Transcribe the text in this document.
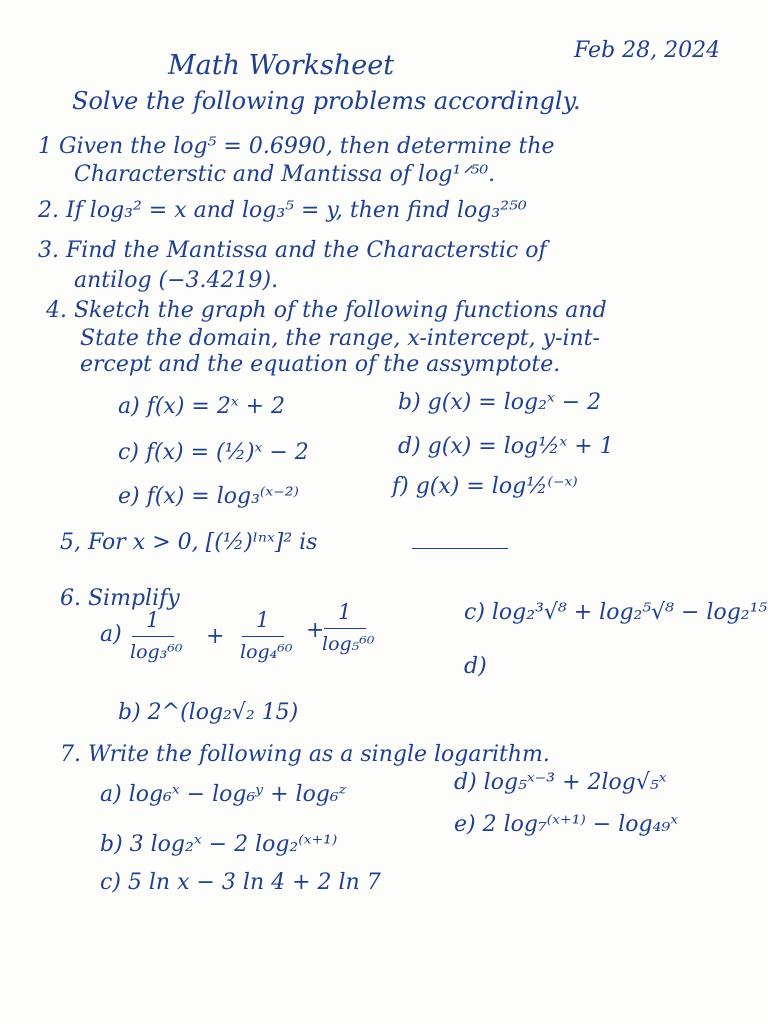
Math Worksheet	Feb 28, 2024
Solve the following problems accordingly.
1 Given the log⁵ = 0.6990, then determine the
Characterstic and Mantissa of log¹ᐟ⁵⁰.
2. If log₃² = x and log₃⁵ = y, then find log₃²⁵⁰
3. Find the Mantissa and the Characterstic of
antilog (−3.4219).
4. Sketch the graph of the following functions and
State the domain, the range, x-intercept, y-int-
ercept and the equation of the assymptote.
a) f(x) = 2ˣ + 2	b) g(x) = log₂ˣ − 2
c) f(x) = (½)ˣ − 2	d) g(x) = log½ˣ + 1
e) f(x) = log₃⁽ˣ⁻²⁾	f) g(x) = log½⁽⁻ˣ⁾
5, For x > 0, [(½)ˡⁿˣ]² is
6. Simplify
a)
1
log₃⁶⁰
+
1
log₄⁶⁰
+
1
log₅⁶⁰
b) 2^(log₂√₂ 15)
c) log₂³√⁸ + log₂⁵√⁸ − log₂¹⁵
d)
7. Write the following as a single logarithm.
a) log₆ˣ − log₆ʸ + log₆ᶻ
b) 3 log₂ˣ − 2 log₂⁽ˣ⁺¹⁾
c) 5 ln x − 3 ln 4 + 2 ln 7
d) log₅ˣ⁻³ + 2log√₅ˣ
e) 2 log₇⁽ˣ⁺¹⁾ − log₄₉ˣ
